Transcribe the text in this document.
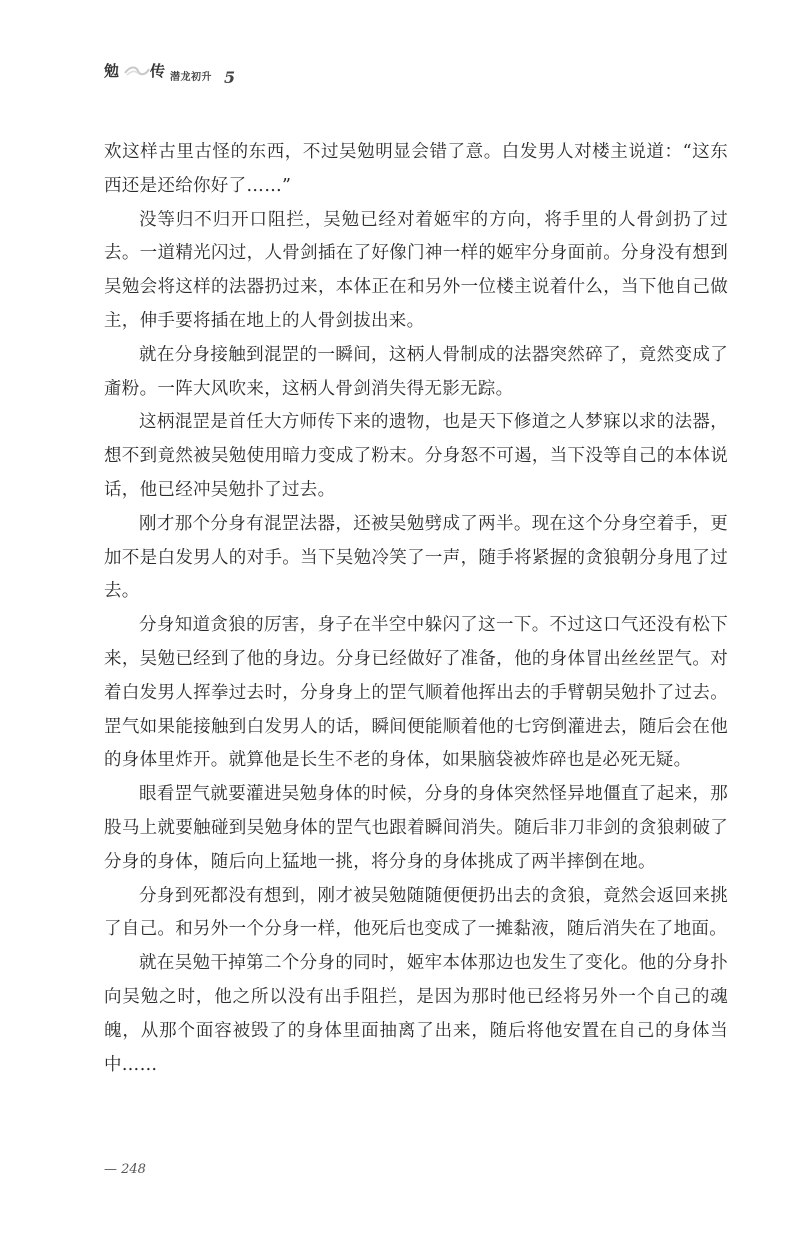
勉 传 潜龙初升 5

欢这样古里古怪的东西，不过吴勉明显会错了意。白发男人对楼主说道：“这东西还是还给你好了……”

没等归不归开口阻拦，吴勉已经对着姬牢的方向，将手里的人骨剑扔了过去。一道精光闪过，人骨剑插在了好像门神一样的姬牢分身面前。分身没有想到吴勉会将这样的法器扔过来，本体正在和另外一位楼主说着什么，当下他自己做主，伸手要将插在地上的人骨剑拔出来。

就在分身接触到混罡的一瞬间，这柄人骨制成的法器突然碎了，竟然变成了齑粉。一阵大风吹来，这柄人骨剑消失得无影无踪。

这柄混罡是首任大方师传下来的遗物，也是天下修道之人梦寐以求的法器，想不到竟然被吴勉使用暗力变成了粉末。分身怒不可遏，当下没等自己的本体说话，他已经冲吴勉扑了过去。

刚才那个分身有混罡法器，还被吴勉劈成了两半。现在这个分身空着手，更加不是白发男人的对手。当下吴勉冷笑了一声，随手将紧握的贪狼朝分身甩了过去。

分身知道贪狼的厉害，身子在半空中躲闪了这一下。不过这口气还没有松下来，吴勉已经到了他的身边。分身已经做好了准备，他的身体冒出丝丝罡气。对着白发男人挥拳过去时，分身身上的罡气顺着他挥出去的手臂朝吴勉扑了过去。罡气如果能接触到白发男人的话，瞬间便能顺着他的七窍倒灌进去，随后会在他的身体里炸开。就算他是长生不老的身体，如果脑袋被炸碎也是必死无疑。

眼看罡气就要灌进吴勉身体的时候，分身的身体突然怪异地僵直了起来，那股马上就要触碰到吴勉身体的罡气也跟着瞬间消失。随后非刀非剑的贪狼刺破了分身的身体，随后向上猛地一挑，将分身的身体挑成了两半摔倒在地。

分身到死都没有想到，刚才被吴勉随随便便扔出去的贪狼，竟然会返回来挑了自己。和另外一个分身一样，他死后也变成了一摊黏液，随后消失在了地面。

就在吴勉干掉第二个分身的同时，姬牢本体那边也发生了变化。他的分身扑向吴勉之时，他之所以没有出手阻拦，是因为那时他已经将另外一个自己的魂魄，从那个面容被毁了的身体里面抽离了出来，随后将他安置在自己的身体当中……

— 248
